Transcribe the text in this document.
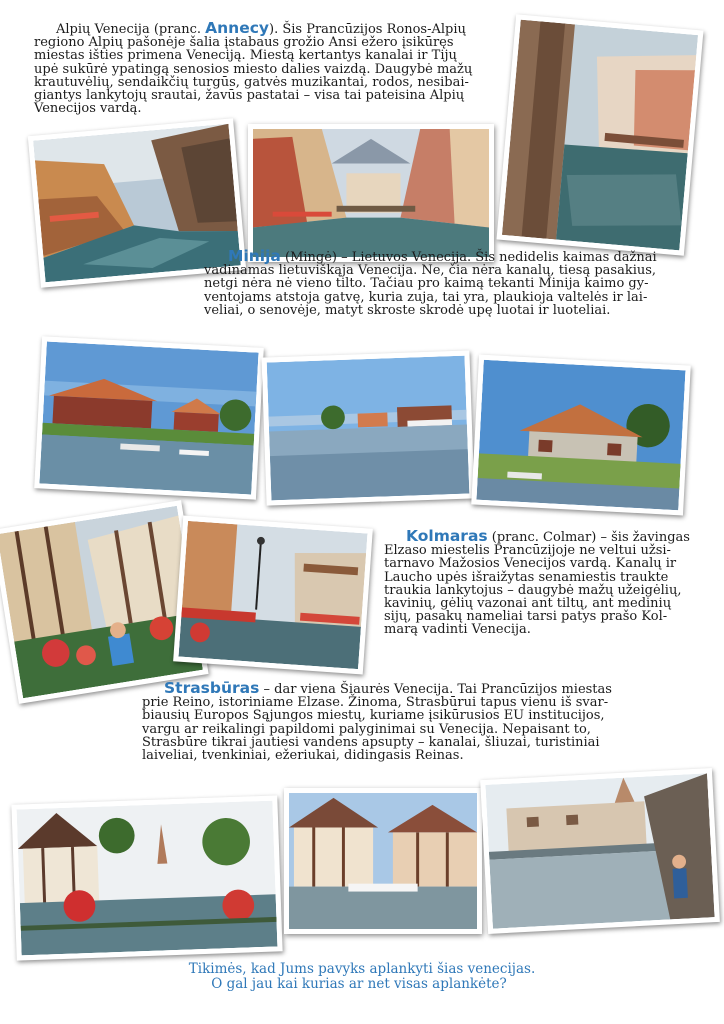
Alpių Venecija (pranc. Annecy). Šis Prancūzijos Ronos-Alpių
regiono Alpių pašonėje šalia įstabaus grožio Ansi ežero įsikūręs
miestas išties primena Veneciją. Miestą kertantys kanalai ir Tijų
upė sukūrė ypatingą senosios miesto dalies vaizdą. Daugybė mažų
krautuvėlių, sendaikčių turgūs, gatvės muzikantai, rodos, nesibai-
giantys lankytojų srautai, žavūs pastatai – visa tai pateisina Alpių
Venecijos vardą.
Minija (Mingė) – Lietuvos Venecija. Šis nedidelis kaimas dažnai
vadinamas lietuviškąja Venecija. Ne, čia nėra kanalų, tiesą pasakius,
netgi nėra nė vieno tilto. Tačiau pro kaimą tekanti Minija kaimo gy-
ventojams atstoja gatvę, kuria zuja, tai yra, plaukioja valtelės ir lai-
veliai, o senovėje, matyt skroste skrodė upę luotai ir luoteliai.
Kolmaras (pranc. Colmar) – šis žavingas
Elzaso miestelis Prancūzijoje ne veltui užsi-
tarnavo Mažosios Venecijos vardą. Kanalų ir
Laucho upės išraižytas senamiestis traukte
traukia lankytojus – daugybė mažų užeigėlių,
kavinių, gėlių vazonai ant tiltų, ant medinių
sijų, pasakų nameliai tarsi patys prašo Kol-
marą vadinti Venecija.
Strasbūras – dar viena Šiaurės Venecija. Tai Prancūzijos miestas
prie Reino, istoriniame Elzase. Žinoma, Strasbūrui tapus vienu iš svar-
biausių Europos Sąjungos miestų, kuriame įsikūrusios EU institucijos,
vargu ar reikalingi papildomi palyginimai su Venecija. Nepaisant to,
Strasbūre tikrai jautiesi vandens apsupty – kanalai, šliuzai, turistiniai
laiveliai, tvenkiniai, ežeriukai, didingasis Reinas.
Tikimės, kad Jums pavyks aplankyti šias venecijas.
O gal jau kai kurias ar net visas aplankėte?
